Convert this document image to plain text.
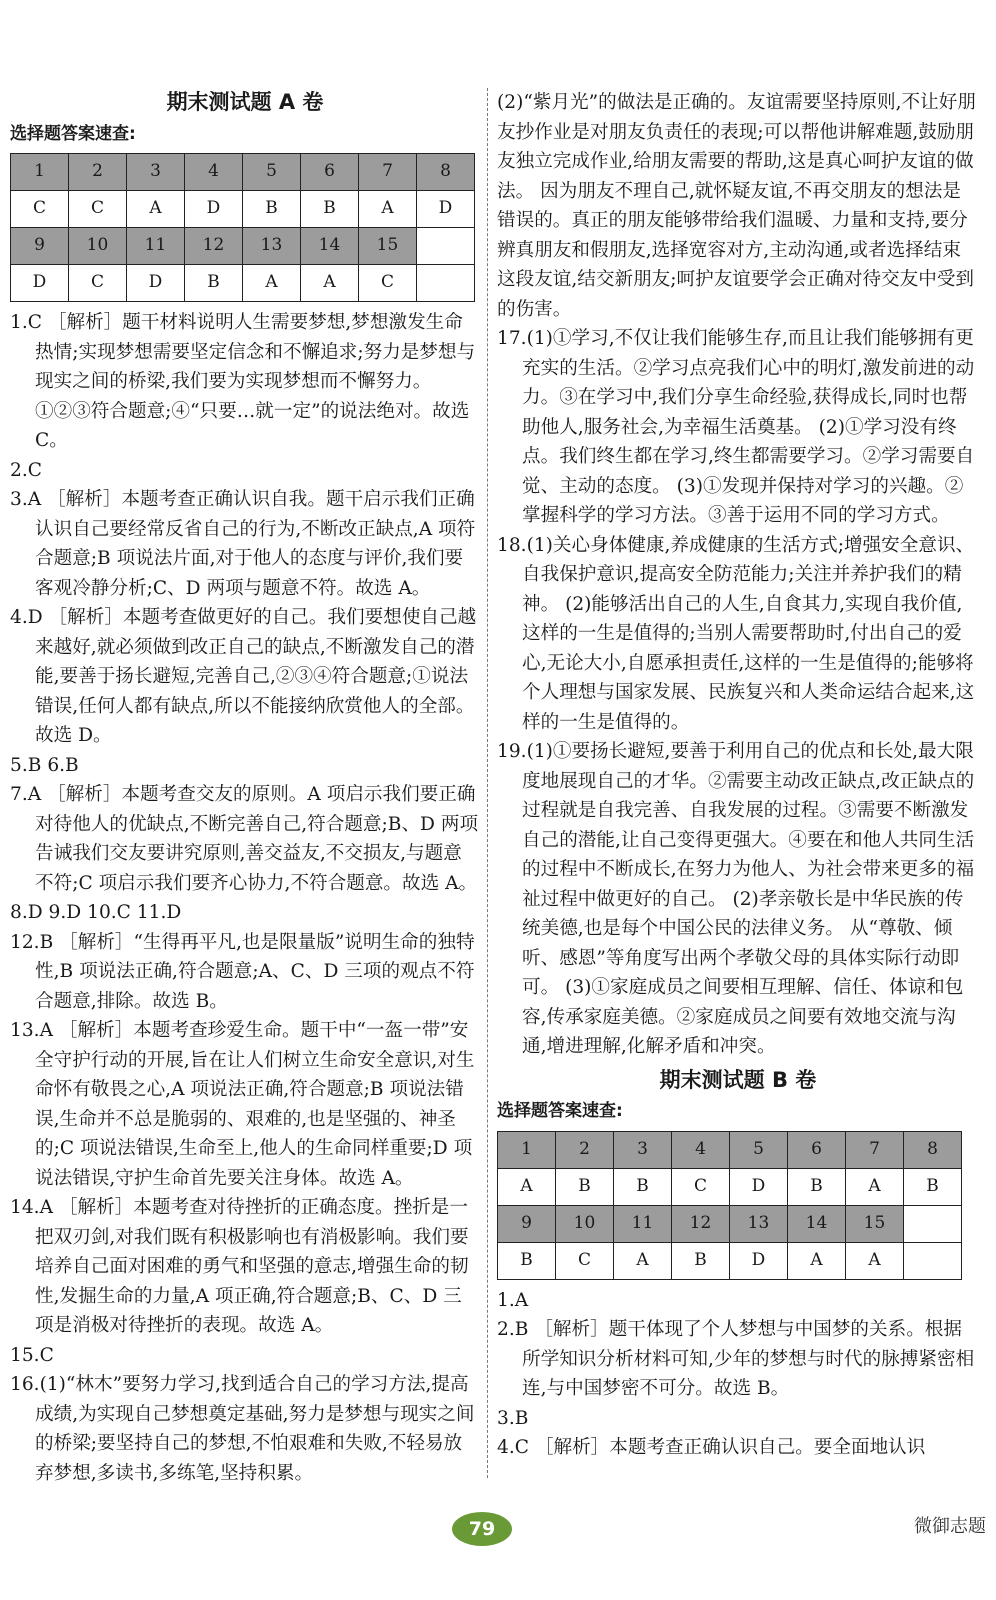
期末测试题 A 卷
选择题答案速查:
1	2	3	4	5	6	7	8
C	C	A	D	B	B	A	D
9	10	11	12	13	14	15	
D	C	D	B	A	A	C	

1.C ［解析］题干材料说明人生需要梦想,梦想激发生命热情;实现梦想需要坚定信念和不懈追求;努力是梦想与现实之间的桥梁,我们要为实现梦想而不懈努力。①②③符合题意;④“只要…就一定”的说法绝对。故选 C。

2.C

3.A ［解析］本题考查正确认识自我。题干启示我们正确认识自己要经常反省自己的行为,不断改正缺点,A 项符合题意;B 项说法片面,对于他人的态度与评价,我们要客观冷静分析;C、D 两项与题意不符。故选 A。

4.D ［解析］本题考查做更好的自己。我们要想使自己越来越好,就必须做到改正自己的缺点,不断激发自己的潜能,要善于扬长避短,完善自己,②③④符合题意;①说法错误,任何人都有缺点,所以不能接纳欣赏他人的全部。故选 D。

5.B 6.B

7.A ［解析］本题考查交友的原则。A 项启示我们要正确对待他人的优缺点,不断完善自己,符合题意;B、D 两项告诫我们交友要讲究原则,善交益友,不交损友,与题意不符;C 项启示我们要齐心协力,不符合题意。故选 A。

8.D 9.D 10.C 11.D

12.B ［解析］“生得再平凡,也是限量版”说明生命的独特性,B 项说法正确,符合题意;A、C、D 三项的观点不符合题意,排除。故选 B。

13.A ［解析］本题考查珍爱生命。题干中“一盔一带”安全守护行动的开展,旨在让人们树立生命安全意识,对生命怀有敬畏之心,A 项说法正确,符合题意;B 项说法错误,生命并不总是脆弱的、艰难的,也是坚强的、神圣的;C 项说法错误,生命至上,他人的生命同样重要;D 项说法错误,守护生命首先要关注身体。故选 A。

14.A ［解析］本题考查对待挫折的正确态度。挫折是一把双刃剑,对我们既有积极影响也有消极影响。我们要培养自己面对困难的勇气和坚强的意志,增强生命的韧性,发掘生命的力量,A 项正确,符合题意;B、C、D 三项是消极对待挫折的表现。故选 A。

15.C

16.(1)“林木”要努力学习,找到适合自己的学习方法,提高成绩,为实现自己梦想奠定基础,努力是梦想与现实之间的桥梁;要坚持自己的梦想,不怕艰难和失败,不轻易放弃梦想,多读书,多练笔,坚持积累。

(2)“紫月光”的做法是正确的。友谊需要坚持原则,不让好朋友抄作业是对朋友负责任的表现;可以帮他讲解难题,鼓励朋友独立完成作业,给朋友需要的帮助,这是真心呵护友谊的做法。 因为朋友不理自己,就怀疑友谊,不再交朋友的想法是错误的。真正的朋友能够带给我们温暖、力量和支持,要分辨真朋友和假朋友,选择宽容对方,主动沟通,或者选择结束这段友谊,结交新朋友;呵护友谊要学会正确对待交友中受到的伤害。

17.(1)①学习,不仅让我们能够生存,而且让我们能够拥有更充实的生活。②学习点亮我们心中的明灯,激发前进的动力。③在学习中,我们分享生命经验,获得成长,同时也帮助他人,服务社会,为幸福生活奠基。 (2)①学习没有终点。我们终生都在学习,终生都需要学习。②学习需要自觉、主动的态度。 (3)①发现并保持对学习的兴趣。②掌握科学的学习方法。③善于运用不同的学习方式。

18.(1)关心身体健康,养成健康的生活方式;增强安全意识、自我保护意识,提高安全防范能力;关注并养护我们的精神。 (2)能够活出自己的人生,自食其力,实现自我价值,这样的一生是值得的;当别人需要帮助时,付出自己的爱心,无论大小,自愿承担责任,这样的一生是值得的;能够将个人理想与国家发展、民族复兴和人类命运结合起来,这样的一生是值得的。

19.(1)①要扬长避短,要善于利用自己的优点和长处,最大限度地展现自己的才华。②需要主动改正缺点,改正缺点的过程就是自我完善、自我发展的过程。③需要不断激发自己的潜能,让自己变得更强大。④要在和他人共同生活的过程中不断成长,在努力为他人、为社会带来更多的福祉过程中做更好的自己。 (2)孝亲敬长是中华民族的传统美德,也是每个中国公民的法律义务。 从“尊敬、倾听、感恩”等角度写出两个孝敬父母的具体实际行动即可。 (3)①家庭成员之间要相互理解、信任、体谅和包容,传承家庭美德。②家庭成员之间要有效地交流与沟通,增进理解,化解矛盾和冲突。

期末测试题 B 卷
选择题答案速查:
1	2	3	4	5	6	7	8
A	B	B	C	D	B	A	B
9	10	11	12	13	14	15	
B	C	A	B	D	A	A	

1.A

2.B ［解析］题干体现了个人梦想与中国梦的关系。根据所学知识分析材料可知,少年的梦想与时代的脉搏紧密相连,与中国梦密不可分。故选 B。

3.B

4.C ［解析］本题考查正确认识自己。要全面地认识

79	微御志题
